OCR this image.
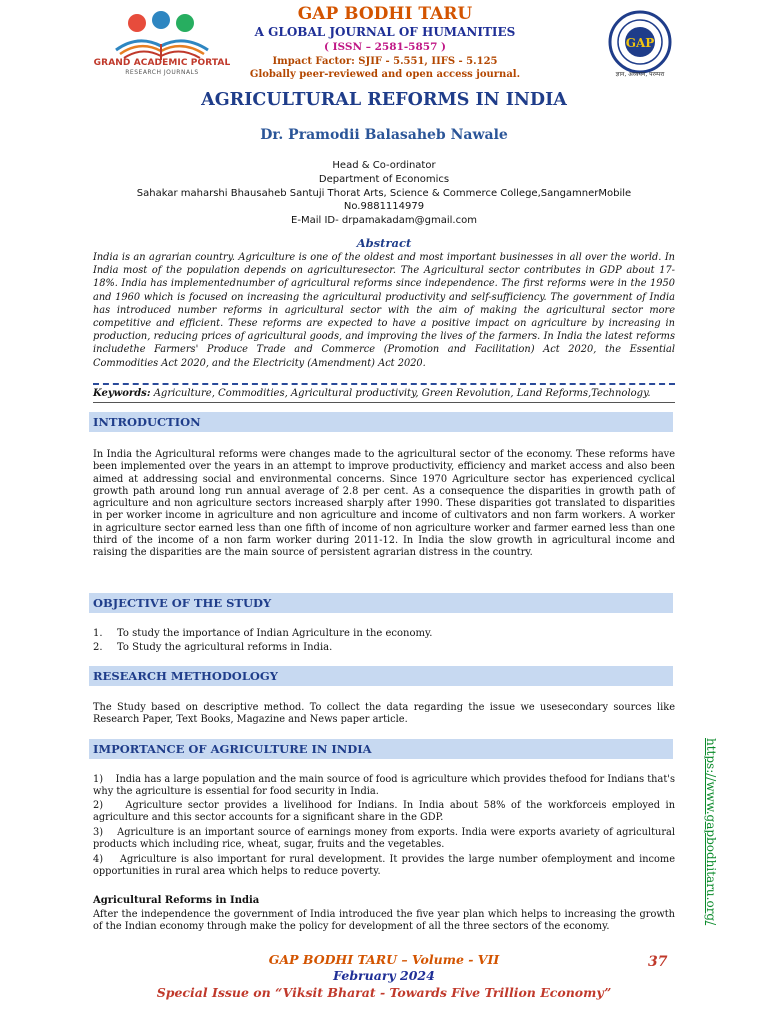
GRAND ACADEMIC PORTAL
RESEARCH JOURNALS
GAP BODHI TARU
A GLOBAL JOURNAL OF HUMANITIES
( ISSN – 2581-5857 )
Impact Factor: SJIF - 5.551, IIFS - 5.125
Globally peer-reviewed and open access journal.
GAP
ज्ञान, अध्ययन, परम्परा
AGRICULTURAL REFORMS IN INDIA
Dr. Pramodii Balasaheb Nawale
Head & Co-ordinator
Department of Economics
Sahakar maharshi Bhausaheb Santuji Thorat Arts, Science & Commerce College,SangamnerMobile
No.9881114979
E-Mail ID- drpamakadam@gmail.com
Abstract
India is an agrarian country. Agriculture is one of the oldest and most important businesses in all over the world. In India most of the population depends on agriculturesector. The Agricultural sector contributes in GDP about 17-18%. India has implementednumber of agricultural reforms since independence. The first reforms were in the 1950 and 1960 which is focused on increasing the agricultural productivity and self-sufficiency. The government of India has introduced number reforms in agricultural sector with the aim of making the agricultural sector more competitive and efficient. These reforms are expected to have a positive impact on agriculture by increasing in production, reducing prices of agricultural goods, and improving the lives of the farmers. In India the latest reforms includethe Farmers' Produce Trade and Commerce (Promotion and Facilitation) Act 2020, the Essential Commodities Act 2020, and the Electricity (Amendment) Act 2020.
Keywords: Agriculture, Commodities, Agricultural productivity, Green Revolution, Land Reforms,Technology.
INTRODUCTION
In India the Agricultural reforms were changes made to the agricultural sector of the economy. These reforms have been implemented over the years in an attempt to improve productivity, efficiency and market access and also been aimed at addressing social and environmental concerns. Since 1970 Agriculture sector has experienced cyclical growth path around long run annual average of 2.8 per cent. As a consequence the disparities in growth path of agriculture and non agriculture sectors increased sharply after 1990. These disparities got translated to disparities in per worker income in agriculture and non agriculture and income of cultivators and non farm workers. A worker in agriculture sector earned less than one fifth of income of non agriculture worker and farmer earned less than one third of the income of a non farm worker during 2011-12. In India the slow growth in agricultural income and raising the disparities are the main source of persistent agrarian distress in the country.
OBJECTIVE OF THE STUDY
1. To study the importance of Indian Agriculture in the economy.
2. To Study the agricultural reforms in India.
RESEARCH METHODOLOGY
The Study based on descriptive method. To collect the data regarding the issue we usesecondary sources like Research Paper, Text Books, Magazine and News paper article.
IMPORTANCE OF AGRICULTURE IN INDIA
1)    India has a large population and the main source of food is agriculture which provides thefood for Indians that's why the agriculture is essential for food security in India.
2)    Agriculture sector provides a livelihood for Indians. In India about 58% of the workforceis employed in agriculture and this sector accounts for a significant share in the GDP.
3)    Agriculture is an important source of earnings money from exports. India were exports avariety of agricultural products which including rice, wheat, sugar, fruits and the vegetables.
4)    Agriculture is also important for rural development. It provides the large number ofemployment and income opportunities in rural area which helps to reduce poverty.
Agricultural Reforms in India
After the independence the government of India introduced the five year plan which helps to increasing the growth of the Indian economy through make the policy for development of all the three sectors of the economy.
https://www.gapbodhitaru.org/
GAP BODHI TARU – Volume - VII
February 2024
Special Issue on “Viksit Bharat - Towards Five Trillion Economy”
37
